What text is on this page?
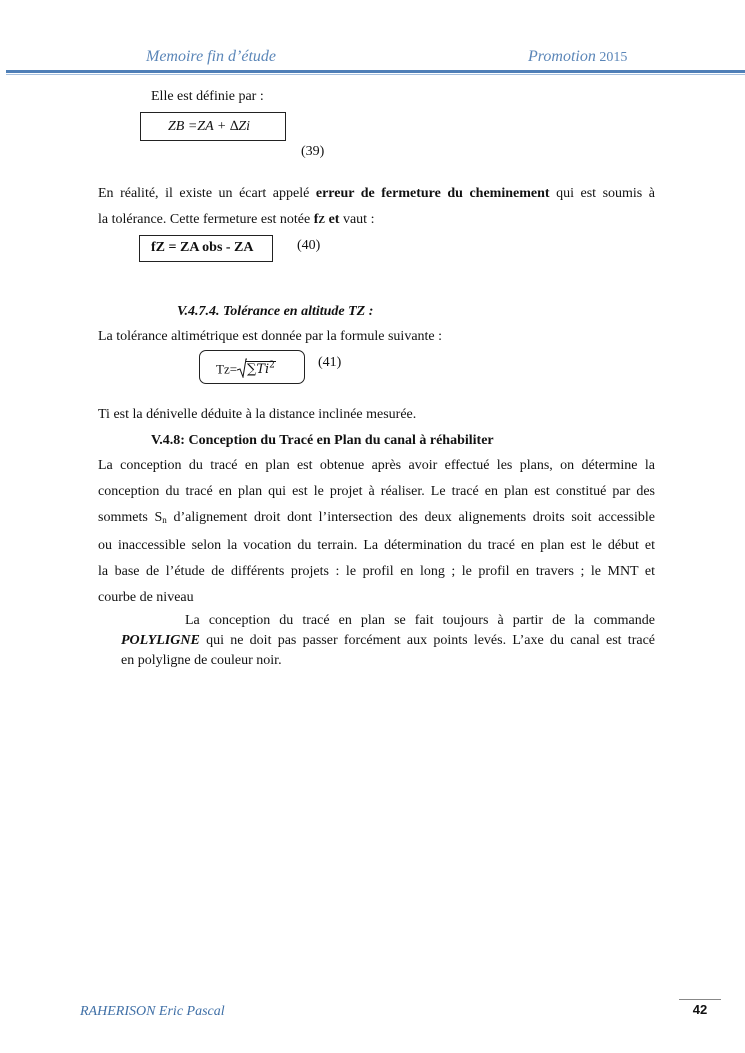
Memoire fin d’étude	Promotion 2015
Elle est définie par :
ZB =ZA + ∆Zi
(39)
En réalité, il existe un écart appelé erreur de fermeture du cheminement qui est soumis à
la tolérance. Cette fermeture est notée fZ et vaut :
fZ = ZA obs - ZA	(40)
V.4.7.4. Tolérance en altitude TZ :
La tolérance altimétrique est donnée par la formule suivante :
$Tz= \sum Ti^2$	(41)
Ti est la dénivelle déduite à la distance inclinée mesurée.
V.4.8: Conception du Tracé en Plan du canal à réhabiliter
La conception du tracé en plan est obtenue après avoir effectué les plans, on détermine la
conception du tracé en plan qui est le projet à réaliser. Le tracé en plan est constitué par des
sommets Sn d’alignement droit dont l’intersection des deux alignements droits soit accessible
ou inaccessible selon la vocation du terrain. La détermination du tracé en plan est le début et
la base de l’étude de différents projets : le profil en long ; le profil en travers ; le MNT et
courbe de niveau
La conception du tracé en plan se fait toujours à partir de la commande
POLYLIGNE qui ne doit pas passer forcément aux points levés. L’axe du canal est tracé
en polyligne de couleur noir.
RAHERISON Eric Pascal	42
